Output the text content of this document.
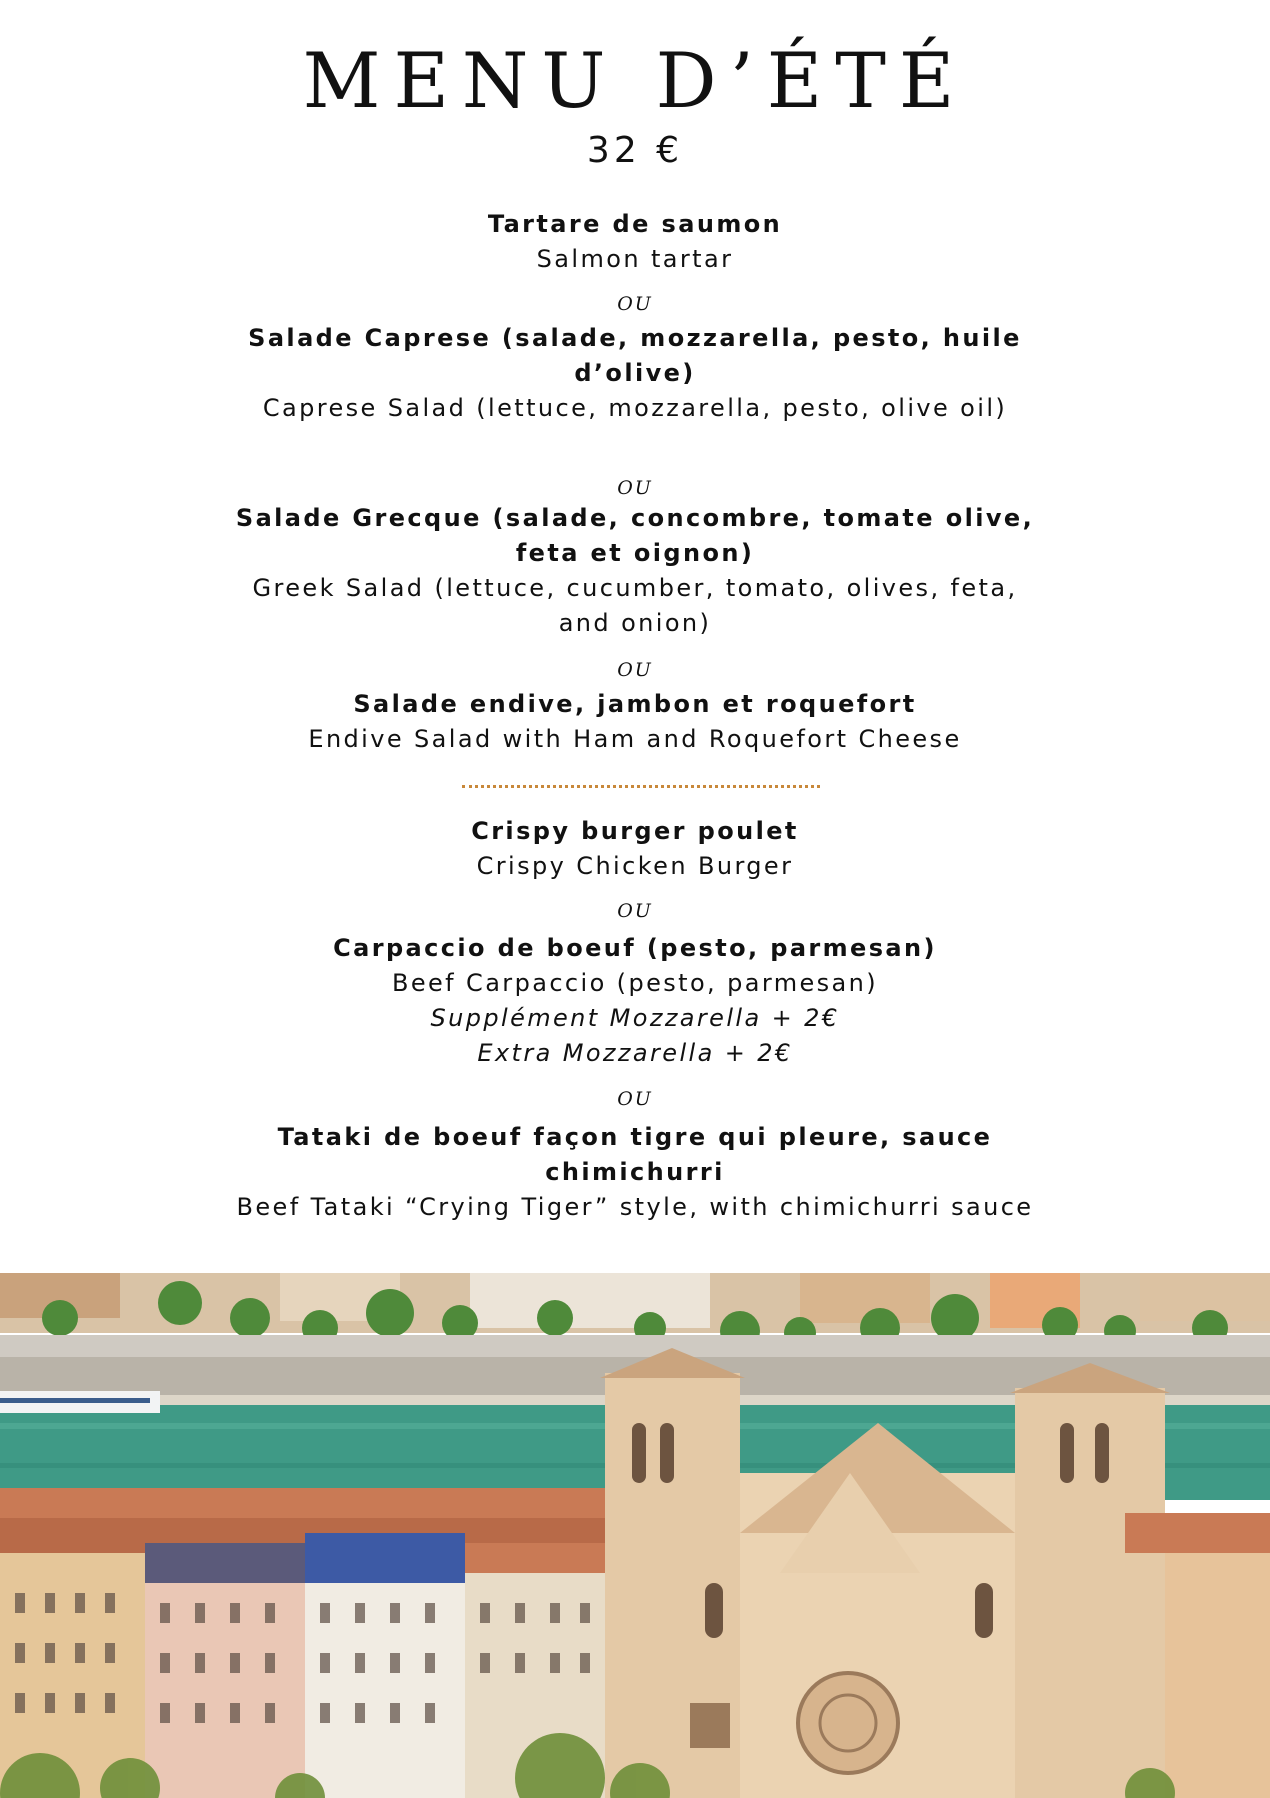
MENU D’ÉTÉ
32 €
Tartare de saumon
Salmon tartar
OU
Salade Caprese (salade, mozzarella, pesto, huile d’olive)
Caprese Salad (lettuce, mozzarella, pesto, olive oil)
OU
Salade Grecque (salade, concombre, tomate olive, feta et oignon)
Greek Salad (lettuce, cucumber, tomato, olives, feta, and onion)
OU
Salade endive, jambon et roquefort
Endive Salad with Ham and Roquefort Cheese
Crispy burger poulet
Crispy Chicken Burger
OU
Carpaccio de boeuf (pesto, parmesan)
Beef Carpaccio (pesto, parmesan)
Supplément Mozzarella + 2€
Extra Mozzarella + 2€
OU
Tataki de boeuf façon tigre qui pleure, sauce chimichurri
Beef Tataki “Crying Tiger” style, with chimichurri sauce
